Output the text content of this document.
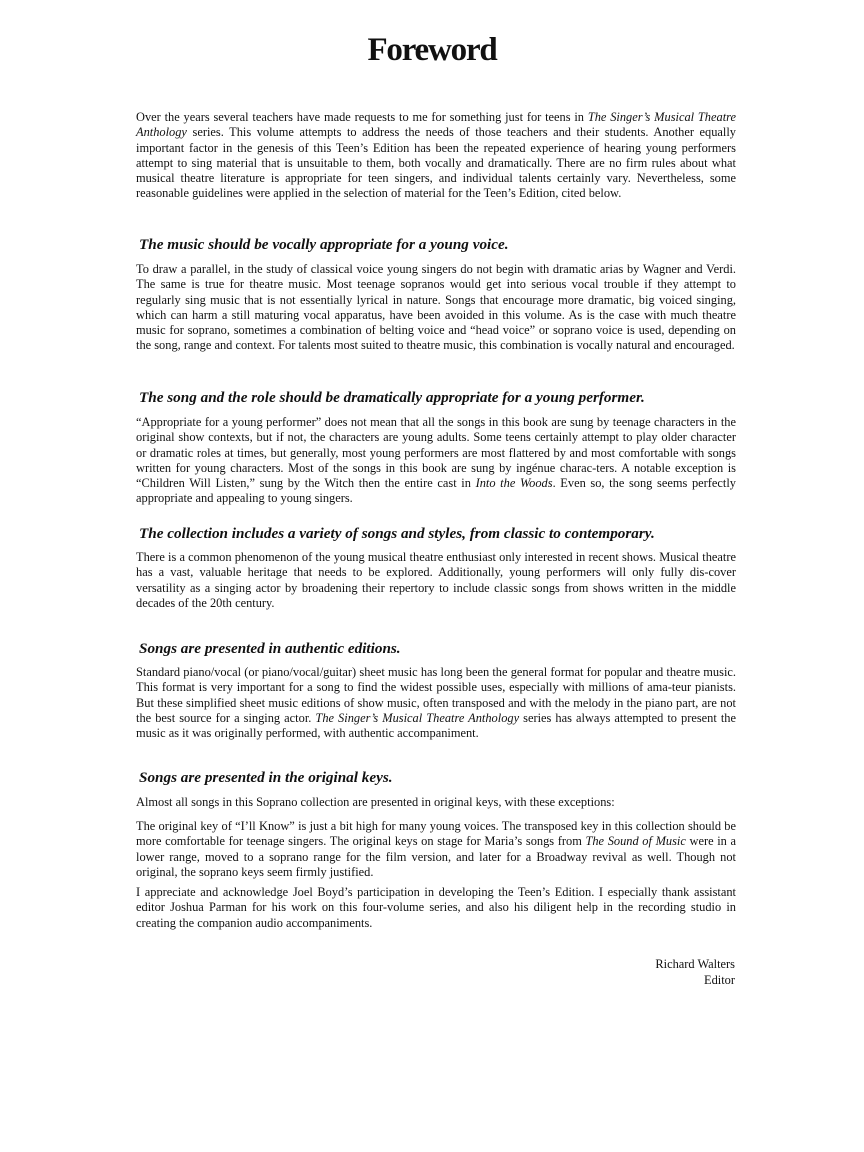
Foreword

Over the years several teachers have made requests to me for something just for teens in The Singer’s Musical Theatre Anthology series. This volume attempts to address the needs of those teachers and their students. Another equally important factor in the genesis of this Teen’s Edition has been the repeated experience of hearing young performers attempt to sing material that is unsuitable to them, both vocally and dramatically. There are no firm rules about what musical theatre literature is appropriate for teen singers, and individual talents certainly vary. Nevertheless, some reasonable guidelines were applied in the selection of material for the Teen’s Edition, cited below.

The music should be vocally appropriate for a young voice.

To draw a parallel, in the study of classical voice young singers do not begin with dramatic arias by Wagner and Verdi. The same is true for theatre music. Most teenage sopranos would get into serious vocal trouble if they attempt to regularly sing music that is not essentially lyrical in nature. Songs that encourage more dramatic, big voiced singing, which can harm a still maturing vocal apparatus, have been avoided in this volume. As is the case with much theatre music for soprano, sometimes a combination of belting voice and “head voice” or soprano voice is used, depending on the song, range and context. For talents most suited to theatre music, this combination is vocally natural and encouraged.

The song and the role should be dramatically appropriate for a young performer.

“Appropriate for a young performer” does not mean that all the songs in this book are sung by teenage characters in the original show contexts, but if not, the characters are young adults. Some teens certainly attempt to play older character or dramatic roles at times, but generally, most young performers are most flattered by and most comfortable with songs written for young characters. Most of the songs in this book are sung by ingénue charac-ters. A notable exception is “Children Will Listen,” sung by the Witch then the entire cast in Into the Woods. Even so, the song seems perfectly appropriate and appealing to young singers.

The collection includes a variety of songs and styles, from classic to contemporary.

There is a common phenomenon of the young musical theatre enthusiast only interested in recent shows. Musical theatre has a vast, valuable heritage that needs to be explored. Additionally, young performers will only fully dis-cover versatility as a singing actor by broadening their repertory to include classic songs from shows written in the middle decades of the 20th century.

Songs are presented in authentic editions.

Standard piano/vocal (or piano/vocal/guitar) sheet music has long been the general format for popular and theatre music. This format is very important for a song to find the widest possible uses, especially with millions of ama-teur pianists. But these simplified sheet music editions of show music, often transposed and with the melody in the piano part, are not the best source for a singing actor. The Singer’s Musical Theatre Anthology series has always attempted to present the music as it was originally performed, with authentic accompaniment.

Songs are presented in the original keys.

Almost all songs in this Soprano collection are presented in original keys, with these exceptions:

The original key of “I’ll Know” is just a bit high for many young voices. The transposed key in this collection should be more comfortable for teenage singers. The original keys on stage for Maria’s songs from The Sound of Music were in a lower range, moved to a soprano range for the film version, and later for a Broadway revival as well. Though not original, the soprano keys seem firmly justified.

I appreciate and acknowledge Joel Boyd’s participation in developing the Teen’s Edition. I especially thank assistant editor Joshua Parman for his work on this four-volume series, and also his diligent help in the recording studio in creating the companion audio accompaniments.

Richard Walters
Editor
